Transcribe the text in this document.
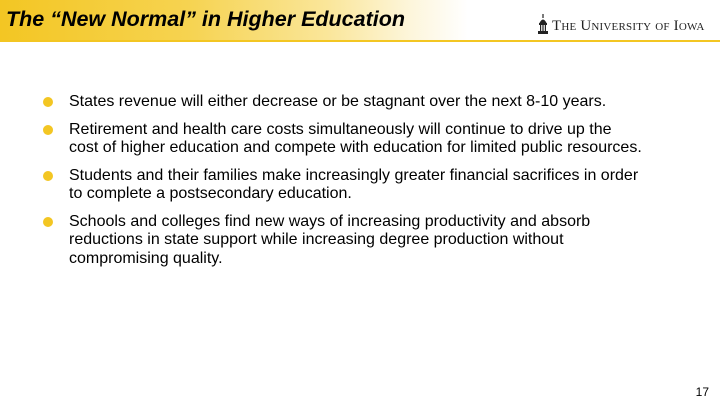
The “New Normal” in Higher Education	The University of Iowa
States revenue will either decrease or be stagnant over the next 8-10 years.
Retirement and health care costs simultaneously will continue to drive up the cost of higher education and compete with education for limited public resources.
Students and their families make increasingly greater financial sacrifices in order to complete a postsecondary education.
Schools and colleges find new ways of increasing productivity and absorb reductions in state support while increasing degree production without compromising quality.
17
